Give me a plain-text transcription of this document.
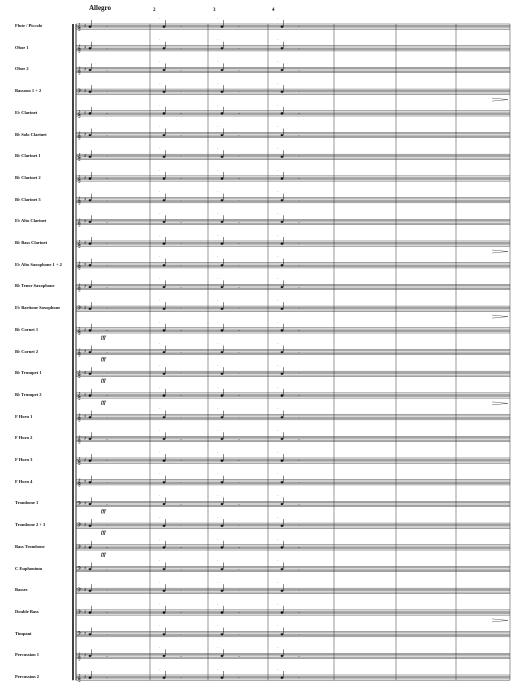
Allegro	2	3	4
Flute / Piccolo
Oboe 1
Oboe 2
Bassoon 1 + 2
E♭ Clarinet
B♭ Solo Clarinet
B♭ Clarinet 1
B♭ Clarinet 2
B♭ Clarinet 3
E♭ Alto Clarinet
B♭ Bass Clarinet
E♭ Alto Saxophone 1 + 2
B♭ Tenor Saxophone
E♭ Baritone Saxophone
B♭ Cornet 1
B♭ Cornet 2
B♭ Trumpet 1
B♭ Trumpet 2
F Horn 1
F Horn 2
F Horn 3
F Horn 4
Trombone 1
Trombone 2 + 3
Bass Trombone
C Euphonium
Basses
Double Bass
Timpani
Percussion 1
Percussion 2
𝄞 ♯	–	–
ˆ
–
ˆ
–
ˆ
𝄞 ♯	–	–
ˆ
–
ˆ
–
ˆ
𝄞 ♯	–	–
ˆ
–
ˆ
–
ˆ
𝄢 ♯	–	–
ˆ
–
ˆ
–
ˆ
𝄞 ♯	–	–
ˆ
–
ˆ
–
ˆ
𝄞 ♯	–	–
ˆ
–
ˆ
–
ˆ
𝄞 ♯	–	–
ˆ
–
ˆ
–
ˆ
𝄞 ♯	–	–
ˆ
–
ˆ
–
ˆ
𝄞 ♯	–	–
ˆ
–
ˆ
–
ˆ
𝄞 ♯	–	–
ˆ
–
ˆ
–
ˆ
𝄞 ♯	–	–
ˆ
–
ˆ
–
ˆ
𝄞 ♯	–	–
ˆ
–
ˆ
–
ˆ
𝄞 ♯	–	–
ˆ
–
ˆ
–
ˆ
𝄢 ♯	–	–
ˆ
–
ˆ
–
ˆ
𝄞 ♯	–	–
ˆ
–
ˆ
–
ˆ
fff
𝄞 ♯	–	–
ˆ
–
ˆ
–
ˆ
fff
𝄞 ♯	–	–
ˆ
–
ˆ
–
ˆ
fff
𝄞 ♯	–	–
ˆ
–
ˆ
–
ˆ
fff
𝄞 ♯	–	–
ˆ
–
ˆ
–
ˆ
𝄞 ♯	–	–
ˆ
–
ˆ
–
ˆ
𝄞 ♯	–	–
ˆ
–
ˆ
–
ˆ
𝄞 ♯	–	–
ˆ
–
ˆ
–
ˆ
𝄢 ♯	–	–
ˆ
–
ˆ
–
ˆ
fff
𝄢 ♯	–	–
ˆ
–
ˆ
–
ˆ
fff
𝄢 ♯	–	–
ˆ
–
ˆ
–
ˆ
fff
𝄢 ♯	–	–
ˆ
–
ˆ
–
ˆ
𝄢 ♯	–	–
ˆ
–
ˆ
–
ˆ
𝄢 ♯	–	–
ˆ
–
ˆ
–
ˆ
𝄢 ♯	–	–
ˆ
–
ˆ
–
ˆ
𝄞 ♯	–	–
ˆ
–
ˆ
–
ˆ
𝄞 ♯	–	–
ˆ
–
ˆ
–
ˆ
